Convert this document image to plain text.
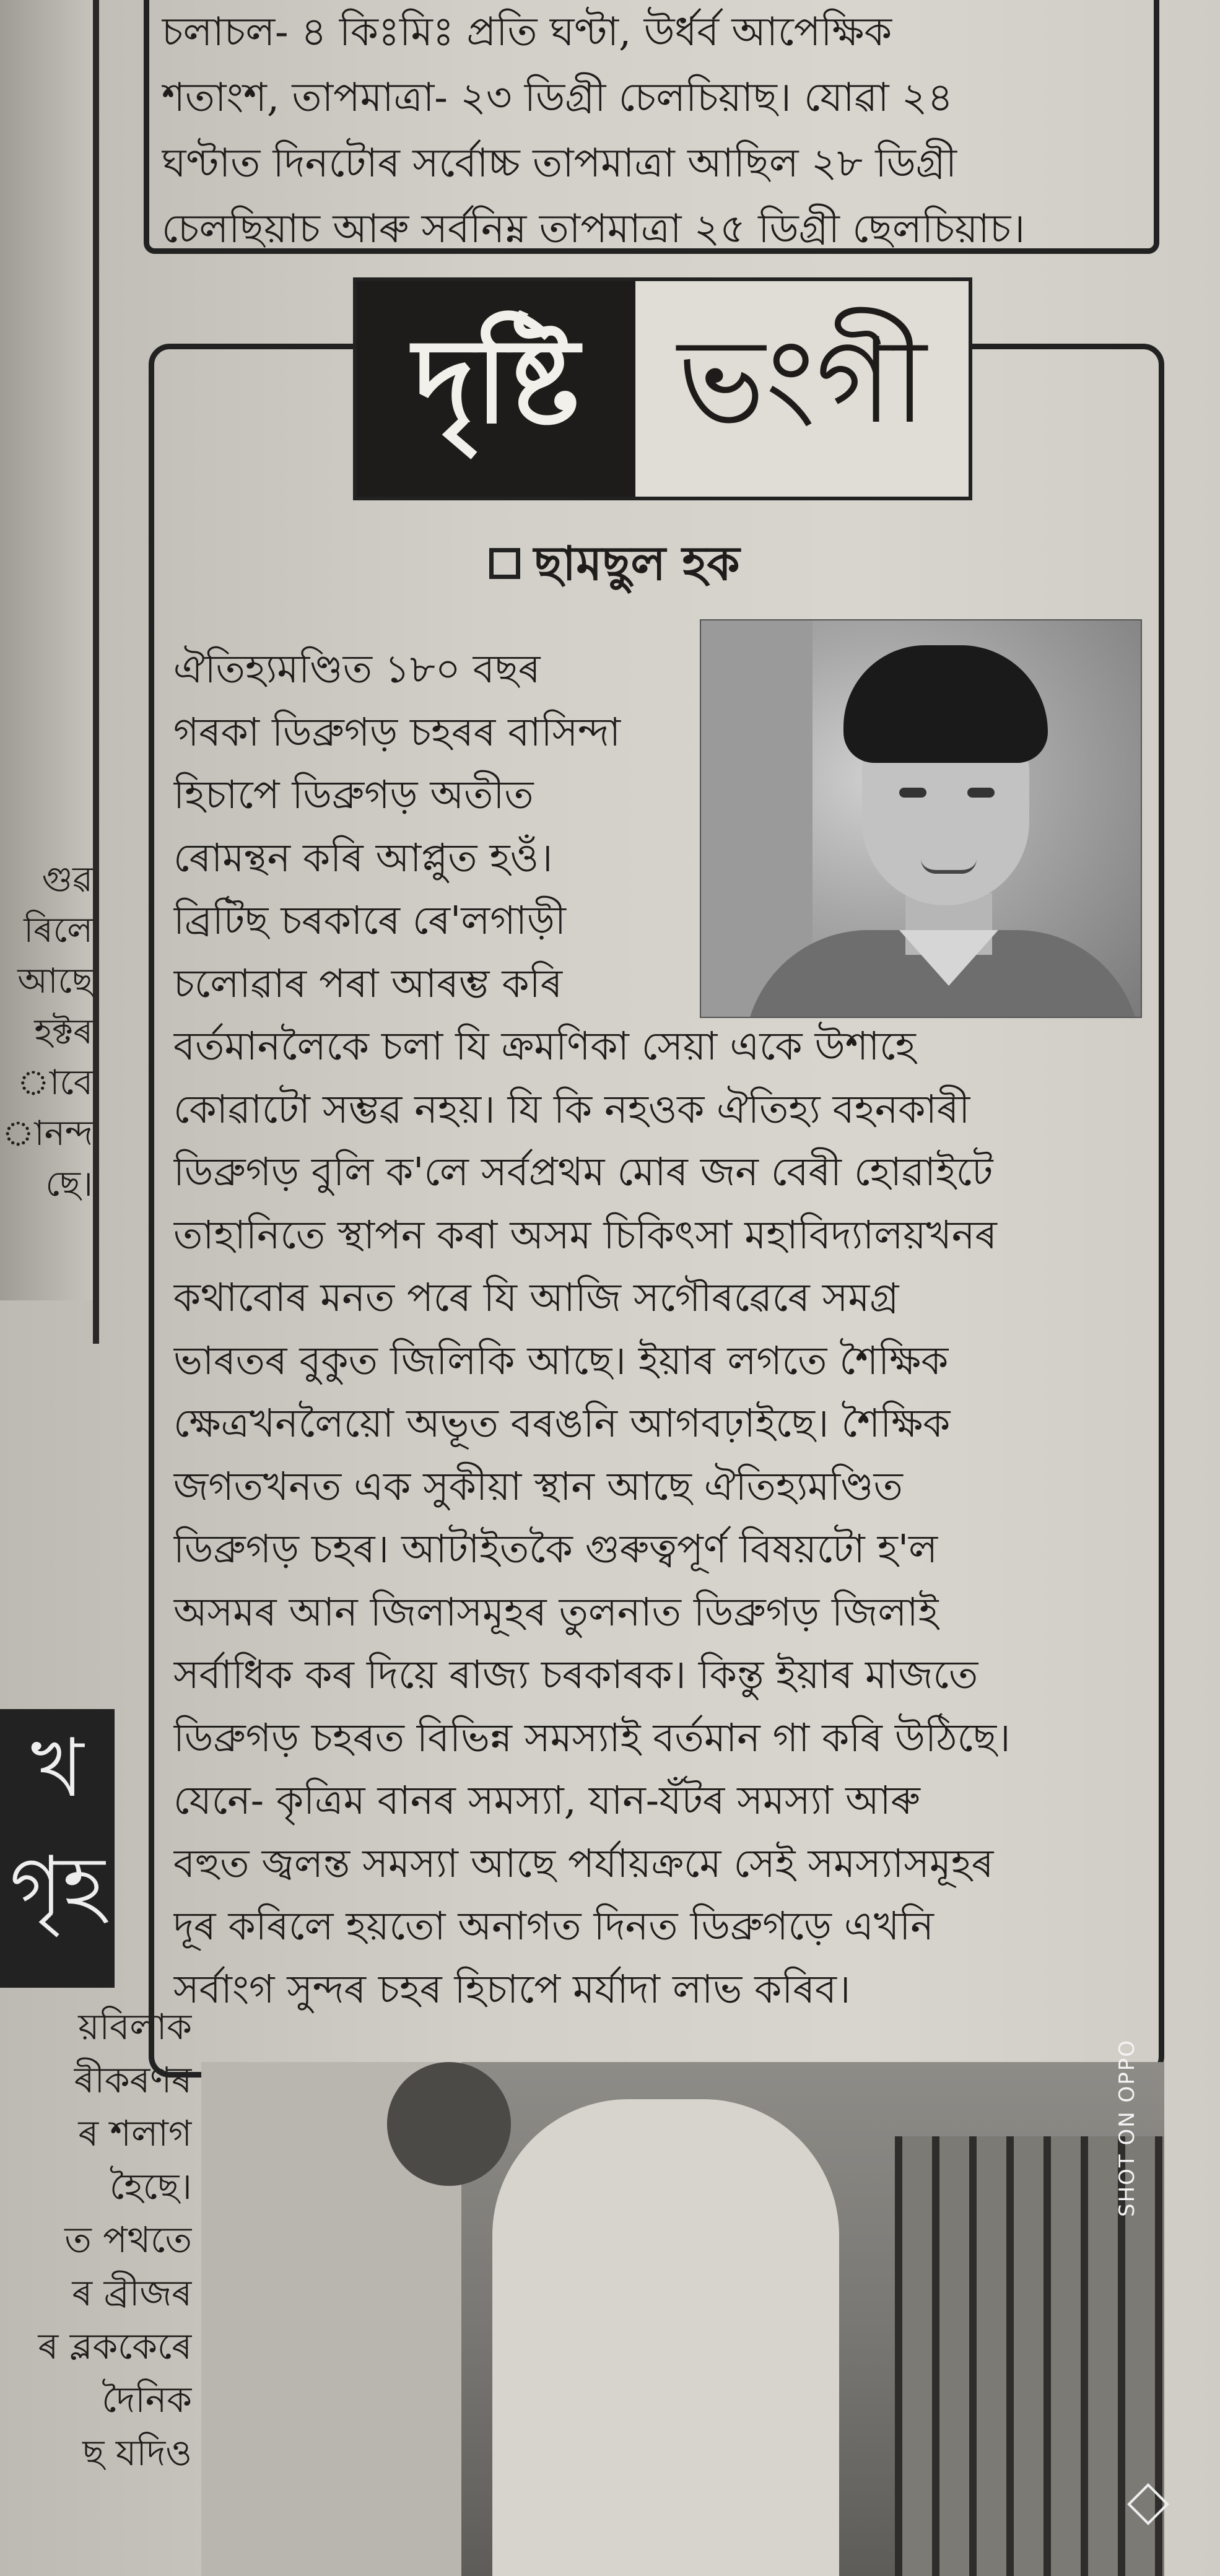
গুৱ
ৰিলে
আছে
হক্টৰ
াবে
ানন্দ
ছে।
খ
গৃহ
য়বিলাক
ৰীকৰণৰ
ৰ শলাগ
হৈছে।
ত পথতে
ৰ ব্ৰীজৰ
ৰ ব্লককেৰে
দৈনিক
ছ যদিও
চলাচল- ৪ কিঃমিঃ প্ৰতি ঘণ্টা, উৰ্ধৰ্ব আপেক্ষিক
শতাংশ, তাপমাত্ৰা- ২৩ ডিগ্ৰী চেলচিয়াছ। যোৱা ২৪
ঘণ্টাত দিনটোৰ সৰ্বোচ্চ তাপমাত্ৰা আছিল ২৮ ডিগ্ৰী
চেলছিয়াচ আৰু সৰ্বনিম্ন তাপমাত্ৰা ২৫ ডিগ্ৰী ছেলচিয়াচ।
দৃষ্টি ভংগী
ছামছুল হক
ঐতিহ্যমণ্ডিত ১৮০ বছৰ
গৰকা ডিব্ৰুগড় চহৰৰ বাসিন্দা
হিচাপে ডিব্ৰুগড় অতীত
ৰোমন্থন কৰি আপ্লুত হওঁ।
ব্ৰিটিছ চৰকাৰে ৰে'লগাড়ী
চলোৱাৰ পৰা আৰম্ভ কৰি
বৰ্তমানলৈকে চলা যি ক্ৰমণিকা সেয়া একে উশাহে
কোৱাটো সম্ভৱ নহয়। যি কি নহওক ঐতিহ্য বহনকাৰী
ডিব্ৰুগড় বুলি ক'লে সৰ্বপ্ৰথম মোৰ জন বেৰী হোৱাইটে
তাহানিতে স্থাপন কৰা অসম চিকিৎসা মহাবিদ্যালয়খনৰ
কথাবোৰ মনত পৰে যি আজি সগৌৰৱেৰে সমগ্ৰ
ভাৰতৰ বুকুত জিলিকি আছে। ইয়াৰ লগতে শৈক্ষিক
ক্ষেত্ৰখনলৈয়ো অভূত বৰঙনি আগবঢ়াইছে। শৈক্ষিক
জগতখনত এক সুকীয়া স্থান আছে ঐতিহ্যমণ্ডিত
ডিব্ৰুগড় চহৰ। আটাইতকৈ গুৰুত্বপূৰ্ণ বিষয়টো হ'ল
অসমৰ আন জিলাসমূহৰ তুলনাত ডিব্ৰুগড় জিলাই
সৰ্বাধিক কৰ দিয়ে ৰাজ্য চৰকাৰক। কিন্তু ইয়াৰ মাজতে
ডিব্ৰুগড় চহৰত বিভিন্ন সমস্যাই বৰ্তমান গা কৰি উঠিছে।
যেনে- কৃত্ৰিম বানৰ সমস্যা, যান-যঁটৰ সমস্যা আৰু
বহুত জ্বলন্ত সমস্যা আছে পৰ্যায়ক্ৰমে সেই সমস্যাসমূহৰ
দূৰ কৰিলে হয়তো অনাগত দিনত ডিব্ৰুগড়ে এখনি
সৰ্বাংগ সুন্দৰ চহৰ হিচাপে মৰ্যাদা লাভ কৰিব।
SHOT ON OPPO
